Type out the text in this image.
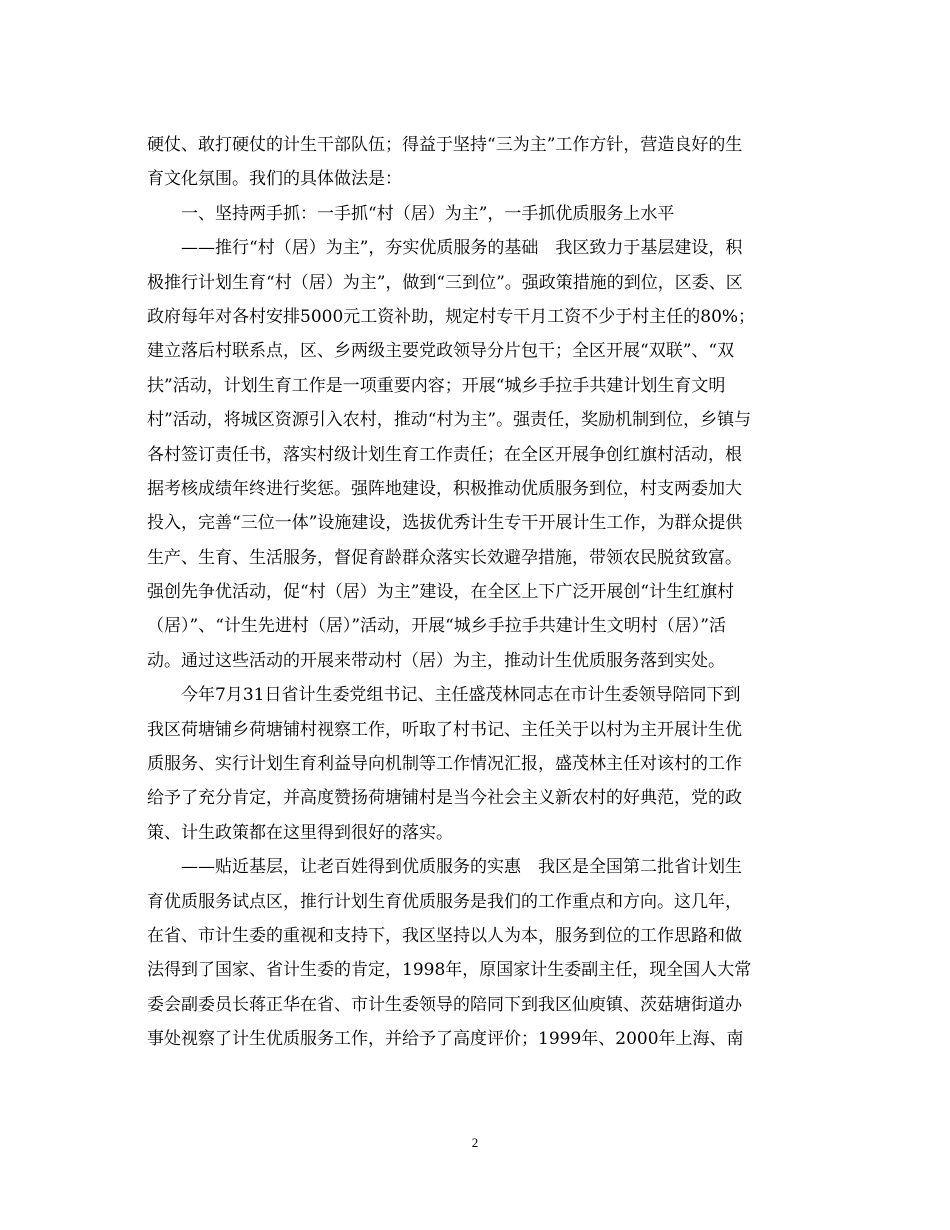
硬仗、敢打硬仗的计生干部队伍；得益于坚持“三为主”工作方针，营造良好的生
育文化氛围。我们的具体做法是：
一、坚持两手抓：一手抓“村（居）为主”，一手抓优质服务上水平
——推行“村（居）为主”，夯实优质服务的基础　我区致力于基层建设，积
极推行计划生育“村（居）为主”，做到“三到位”。强政策措施的到位，区委、区
政府每年对各村安排5000元工资补助，规定村专干月工资不少于村主任的80%；
建立落后村联系点，区、乡两级主要党政领导分片包干；全区开展“双联”、“双
扶”活动，计划生育工作是一项重要内容；开展“城乡手拉手共建计划生育文明
村”活动，将城区资源引入农村，推动“村为主”。强责任，奖励机制到位，乡镇与
各村签订责任书，落实村级计划生育工作责任；在全区开展争创红旗村活动，根
据考核成绩年终进行奖惩。强阵地建设，积极推动优质服务到位，村支两委加大
投入，完善“三位一体”设施建设，选拔优秀计生专干开展计生工作，为群众提供
生产、生育、生活服务，督促育龄群众落实长效避孕措施，带领农民脱贫致富。
强创先争优活动，促“村（居）为主”建设，在全区上下广泛开展创“计生红旗村
（居）”、“计生先进村（居）”活动，开展“城乡手拉手共建计生文明村（居）”活
动。通过这些活动的开展来带动村（居）为主，推动计生优质服务落到实处。
今年7月31日省计生委党组书记、主任盛茂林同志在市计生委领导陪同下到
我区荷塘铺乡荷塘铺村视察工作，听取了村书记、主任关于以村为主开展计生优
质服务、实行计划生育利益导向机制等工作情况汇报，盛茂林主任对该村的工作
给予了充分肯定，并高度赞扬荷塘铺村是当今社会主义新农村的好典范，党的政
策、计生政策都在这里得到很好的落实。
——贴近基层，让老百姓得到优质服务的实惠　我区是全国第二批省计划生
育优质服务试点区，推行计划生育优质服务是我们的工作重点和方向。这几年，
在省、市计生委的重视和支持下，我区坚持以人为本，服务到位的工作思路和做
法得到了国家、省计生委的肯定，1998年，原国家计生委副主任，现全国人大常
委会副委员长蒋正华在省、市计生委领导的陪同下到我区仙庾镇、茨菇塘街道办
事处视察了计生优质服务工作，并给予了高度评价；1999年、2000年上海、南
2
